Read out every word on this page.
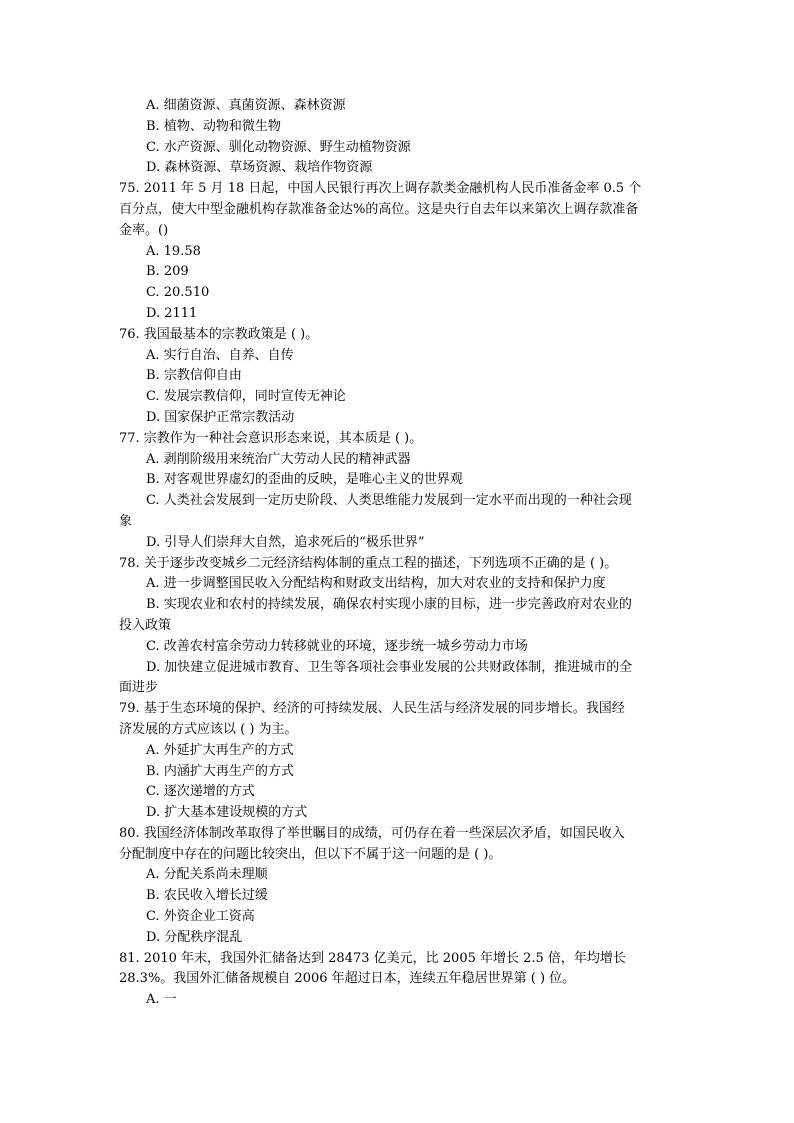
A. 细菌资源、真菌资源、森林资源
B. 植物、动物和微生物
C. 水产资源、驯化动物资源、野生动植物资源
D. 森林资源、草场资源、栽培作物资源
75. 2011 年 5 月 18 日起，中国人民银行再次上调存款类金融机构人民币准备金率 0.5 个
百分点，使大中型金融机构存款准备金达%的高位。这是央行自去年以来第次上调存款准备
金率。()
A. 19.58
B. 209
C. 20.510
D. 2111
76. 我国最基本的宗教政策是 ( )。
A. 实行自治、自养、自传
B. 宗教信仰自由
C. 发展宗教信仰，同时宣传无神论
D. 国家保护正常宗教活动
77. 宗教作为一种社会意识形态来说，其本质是 ( )。
A. 剥削阶级用来统治广大劳动人民的精神武器
B. 对客观世界虚幻的歪曲的反映，是唯心主义的世界观
C. 人类社会发展到一定历史阶段、人类思维能力发展到一定水平而出现的一种社会现
象
D. 引导人们崇拜大自然，追求死后的“极乐世界”
78. 关于逐步改变城乡二元经济结构体制的重点工程的描述，下列选项不正确的是 ( )。
A. 进一步调整国民收入分配结构和财政支出结构，加大对农业的支持和保护力度
B. 实现农业和农村的持续发展，确保农村实现小康的目标，进一步完善政府对农业的
投入政策
C. 改善农村富余劳动力转移就业的环境，逐步统一城乡劳动力市场
D. 加快建立促进城市教育、卫生等各项社会事业发展的公共财政体制，推进城市的全
面进步
79. 基于生态环境的保护、经济的可持续发展、人民生活与经济发展的同步增长。我国经
济发展的方式应该以 ( ) 为主。
A. 外延扩大再生产的方式
B. 内涵扩大再生产的方式
C. 逐次递增的方式
D. 扩大基本建设规模的方式
80. 我国经济体制改革取得了举世瞩目的成绩，可仍存在着一些深层次矛盾，如国民收入
分配制度中存在的问题比较突出，但以下不属于这一问题的是 ( )。
A. 分配关系尚未理顺
B. 农民收入增长过缓
C. 外资企业工资高
D. 分配秩序混乱
81. 2010 年末，我国外汇储备达到 28473 亿美元，比 2005 年增长 2.5 倍，年均增长
28.3%。我国外汇储备规模自 2006 年超过日本，连续五年稳居世界第 ( ) 位。
A. 一
